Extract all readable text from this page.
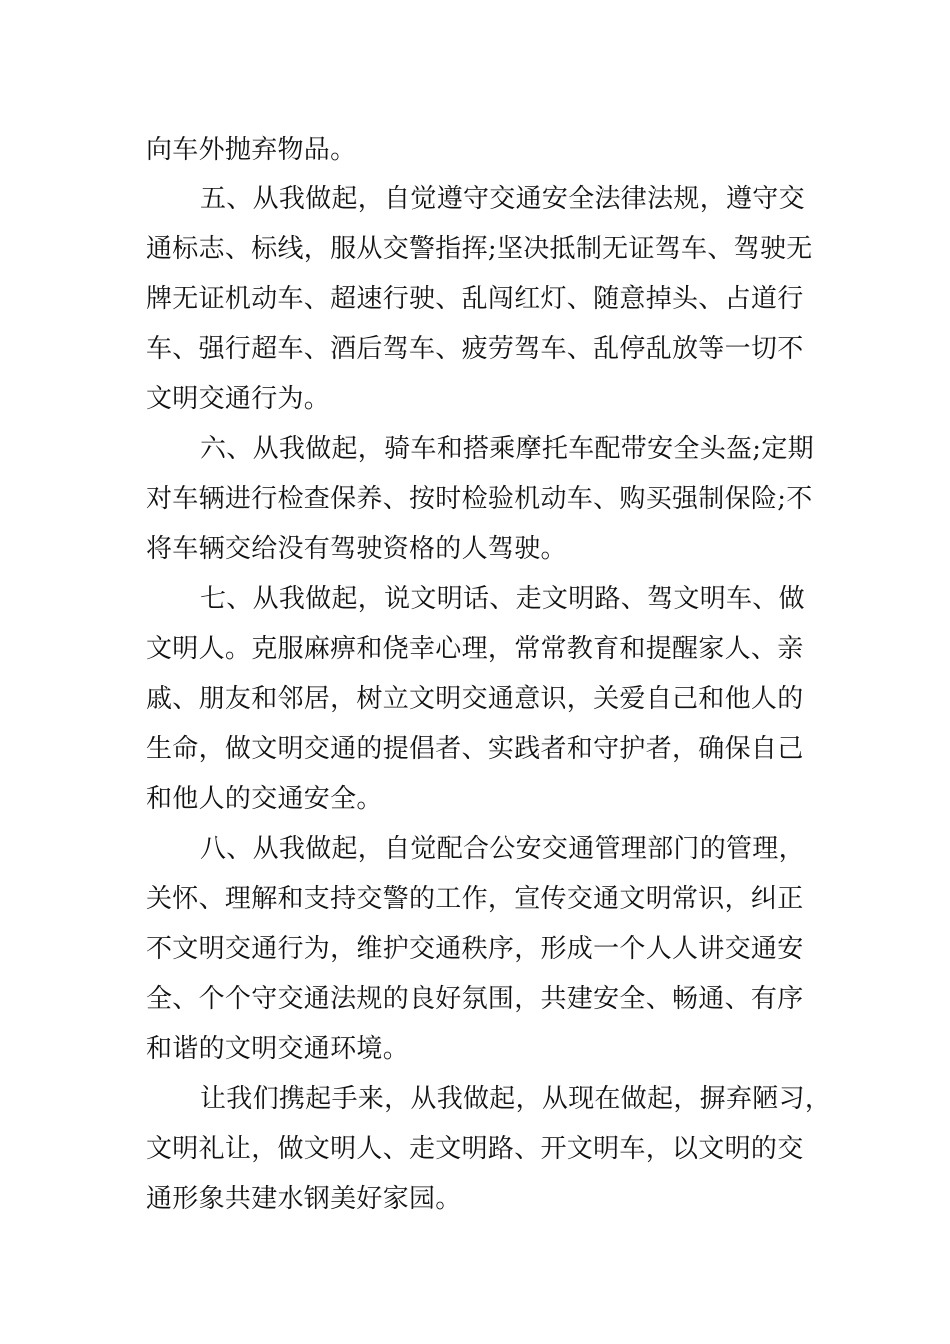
向车外抛弃物品。
五、从我做起，自觉遵守交通安全法律法规，遵守交
通标志、标线，服从交警指挥;坚决抵制无证驾车、驾驶无
牌无证机动车、超速行驶、乱闯红灯、随意掉头、占道行
车、强行超车、酒后驾车、疲劳驾车、乱停乱放等一切不
文明交通行为。
六、从我做起，骑车和搭乘摩托车配带安全头盔;定期
对车辆进行检查保养、按时检验机动车、购买强制保险;不
将车辆交给没有驾驶资格的人驾驶。
七、从我做起，说文明话、走文明路、驾文明车、做
文明人。克服麻痹和侥幸心理，常常教育和提醒家人、亲
戚、朋友和邻居，树立文明交通意识，关爱自己和他人的
生命，做文明交通的提倡者、实践者和守护者，确保自己
和他人的交通安全。
八、从我做起，自觉配合公安交通管理部门的管理，
关怀、理解和支持交警的工作，宣传交通文明常识，纠正
不文明交通行为，维护交通秩序，形成一个人人讲交通安
全、个个守交通法规的良好氛围，共建安全、畅通、有序
和谐的文明交通环境。
让我们携起手来，从我做起，从现在做起，摒弃陋习，
文明礼让，做文明人、走文明路、开文明车，以文明的交
通形象共建水钢美好家园。
